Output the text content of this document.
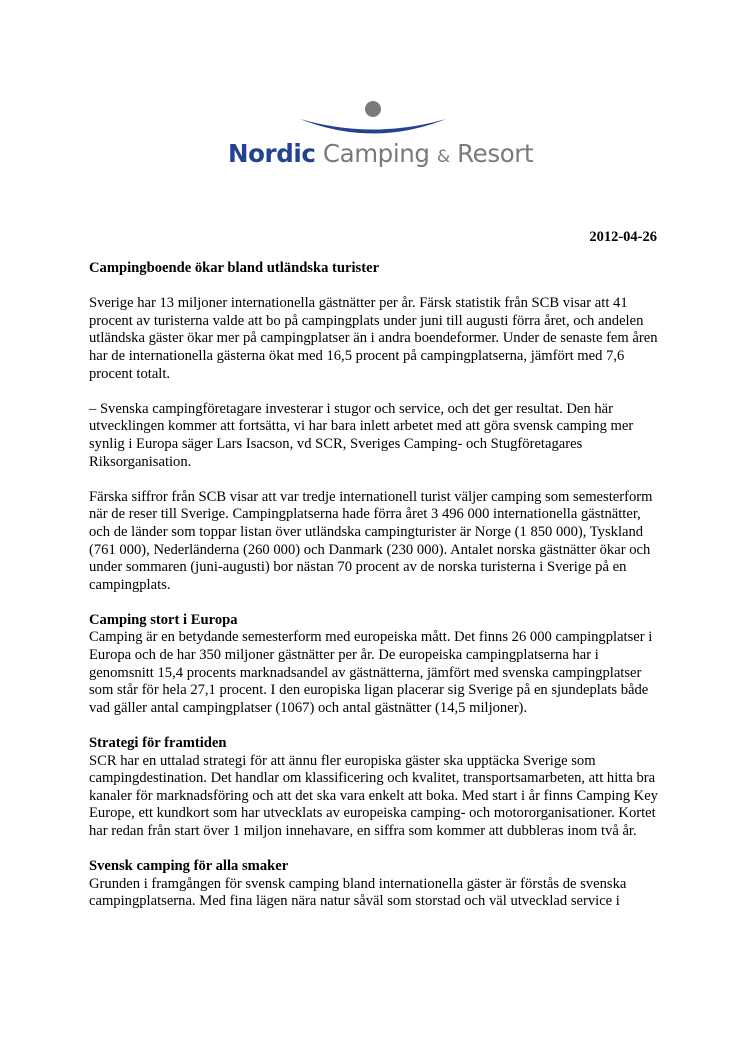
Nordic Camping & Resort
2012-04-26
Campingboende ökar bland utländska turister

Sverige har 13 miljoner internationella gästnätter per år. Färsk statistik från SCB visar att 41 procent av turisterna valde att bo på campingplats under juni till augusti förra året, och andelen utländska gäster ökar mer på campingplatser än i andra boendeformer. Under de senaste fem åren har de internationella gästerna ökat med 16,5 procent på campingplatserna, jämfört med 7,6 procent totalt.

– Svenska campingföretagare investerar i stugor och service, och det ger resultat. Den här utvecklingen kommer att fortsätta, vi har bara inlett arbetet med att göra svensk camping mer synlig i Europa säger Lars Isacson, vd SCR, Sveriges Camping- och Stugföretagares Riksorganisation.

Färska siffror från SCB visar att var tredje internationell turist väljer camping som semesterform när de reser till Sverige. Campingplatserna hade förra året 3 496 000 internationella gästnätter, och de länder som toppar listan över utländska campingturister är Norge (1 850 000), Tyskland (761 000), Nederländerna (260 000) och Danmark (230 000). Antalet norska gästnätter ökar och under sommaren (juni-augusti) bor nästan 70 procent av de norska turisterna i Sverige på en campingplats.

Camping stort i Europa

Camping är en betydande semesterform med europeiska mått. Det finns 26 000 campingplatser i Europa och de har 350 miljoner gästnätter per år. De europeiska campingplatserna har i genomsnitt 15,4 procents marknadsandel av gästnätterna, jämfört med svenska campingplatser som står för hela 27,1 procent. I den europiska ligan placerar sig Sverige på en sjundeplats både vad gäller antal campingplatser (1067) och antal gästnätter (14,5 miljoner).

Strategi för framtiden

SCR har en uttalad strategi för att ännu fler europiska gäster ska upptäcka Sverige som campingdestination. Det handlar om klassificering och kvalitet, transportsamarbeten, att hitta bra kanaler för marknadsföring och att det ska vara enkelt att boka. Med start i år finns Camping Key Europe, ett kundkort som har utvecklats av europeiska camping- och motororganisationer. Kortet har redan från start över 1 miljon innehavare, en siffra som kommer att dubbleras inom två år.

Svensk camping för alla smaker

Grunden i framgången för svensk camping bland internationella gäster är förstås de svenska campingplatserna. Med fina lägen nära natur såväl som storstad och väl utvecklad service i
